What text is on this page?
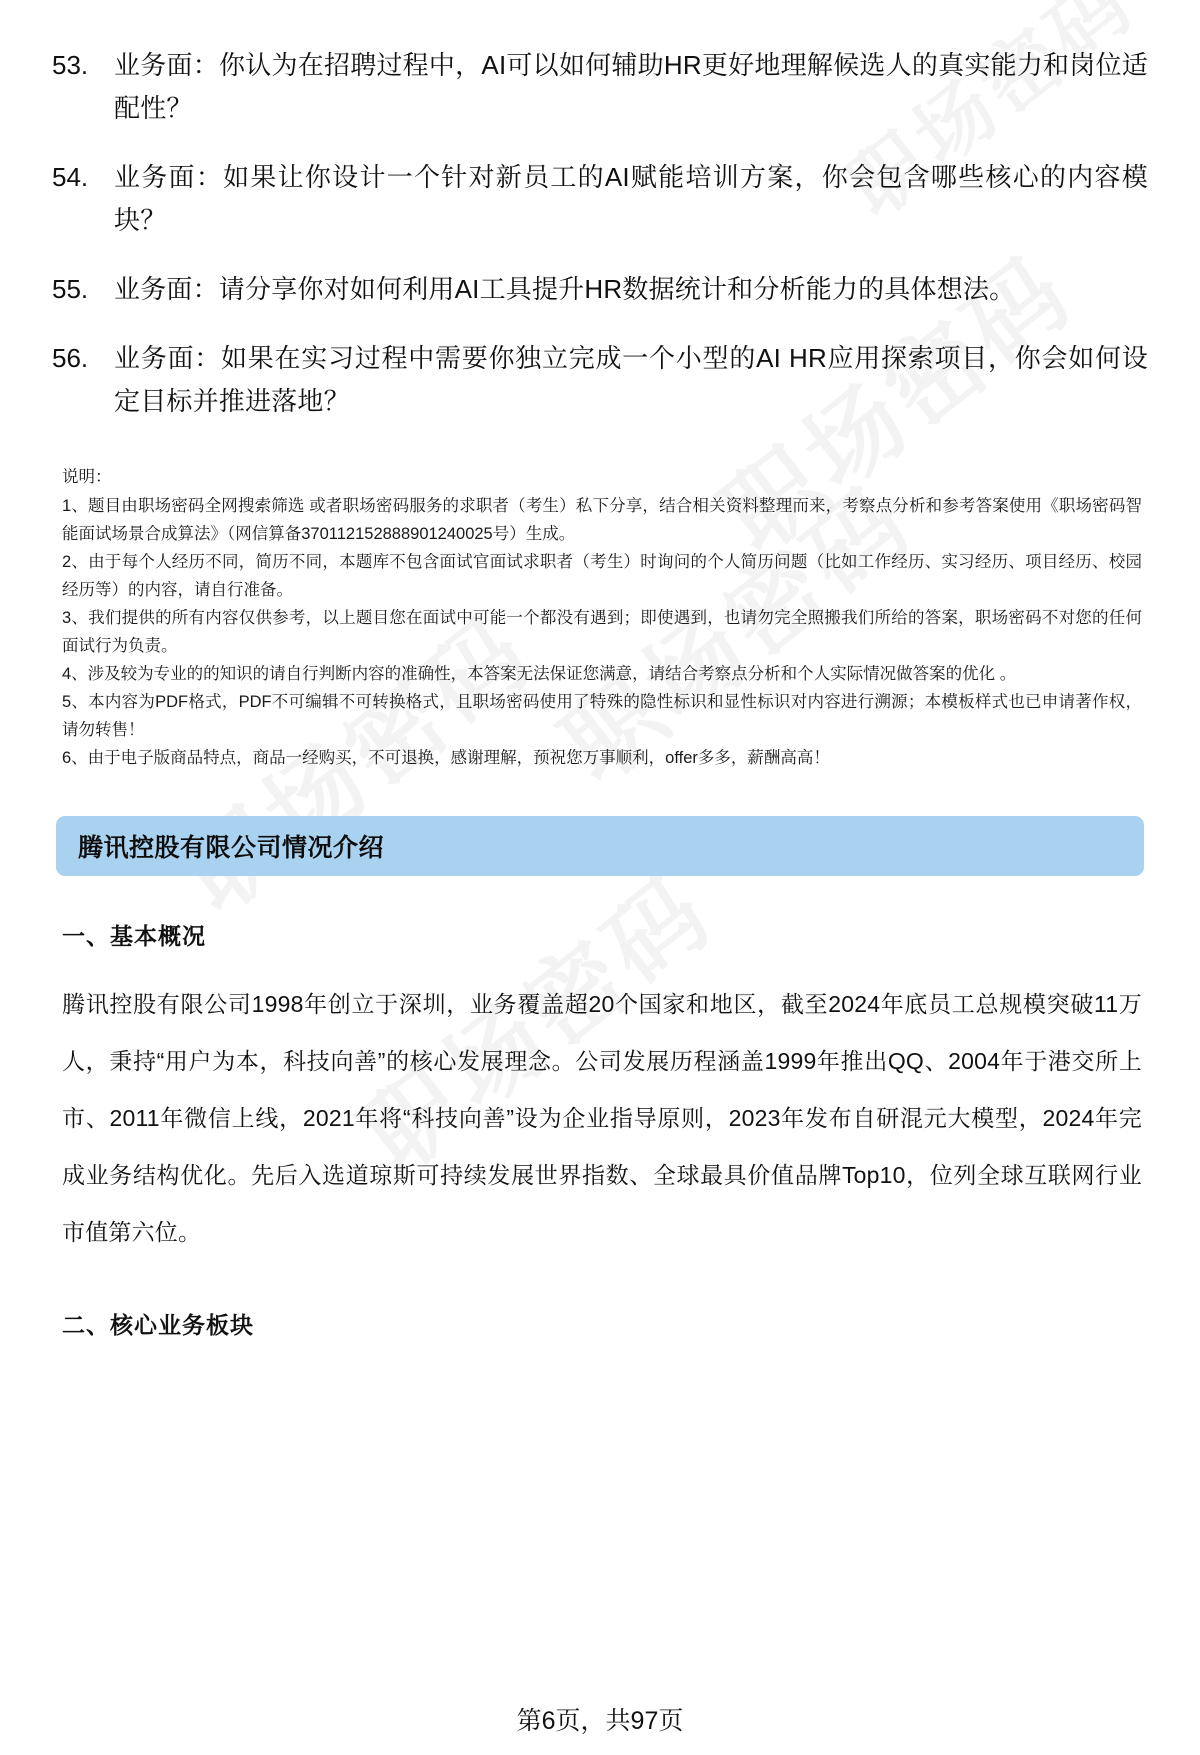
53. 业务面：你认为在招聘过程中，AI可以如何辅助HR更好地理解候选人的真实能力和岗位适配性？
54. 业务面：如果让你设计一个针对新员工的AI赋能培训方案，你会包含哪些核心的内容模块？
55. 业务面：请分享你对如何利用AI工具提升HR数据统计和分析能力的具体想法。
56. 业务面：如果在实习过程中需要你独立完成一个小型的AI HR应用探索项目，你会如何设定目标并推进落地？

说明：

1、题目由职场密码全网搜索筛选 或者职场密码服务的求职者（考生）私下分享，结合相关资料整理而来，考察点分析和参考答案使用《职场密码智能面试场景合成算法》（网信算备370112152888901240025号）生成。

2、由于每个人经历不同，简历不同，本题库不包含面试官面试求职者（考生）时询问的个人简历问题（比如工作经历、实习经历、项目经历、校园经历等）的内容，请自行准备。

3、我们提供的所有内容仅供参考，以上题目您在面试中可能一个都没有遇到；即使遇到，也请勿完全照搬我们所给的答案，职场密码不对您的任何面试行为负责。

4、涉及较为专业的的知识的请自行判断内容的准确性，本答案无法保证您满意，请结合考察点分析和个人实际情况做答案的优化 。

5、本内容为PDF格式，PDF不可编辑不可转换格式，且职场密码使用了特殊的隐性标识和显性标识对内容进行溯源；本模板样式也已申请著作权，请勿转售！

6、由于电子版商品特点，商品一经购买，不可退换，感谢理解，预祝您万事顺利，offer多多，薪酬高高！

腾讯控股有限公司情况介绍
一、基本概况

腾讯控股有限公司1998年创立于深圳，业务覆盖超20个国家和地区，截至2024年底员工总规模突破11万人，秉持“用户为本，科技向善”的核心发展理念。公司发展历程涵盖1999年推出QQ、2004年于港交所上市、2011年微信上线，2021年将“科技向善”设为企业指导原则，2023年发布自研混元大模型，2024年完成业务结构优化。先后入选道琼斯可持续发展世界指数、全球最具价值品牌Top10，位列全球互联网行业市值第六位。

二、核心业务板块
第6页，共97页
